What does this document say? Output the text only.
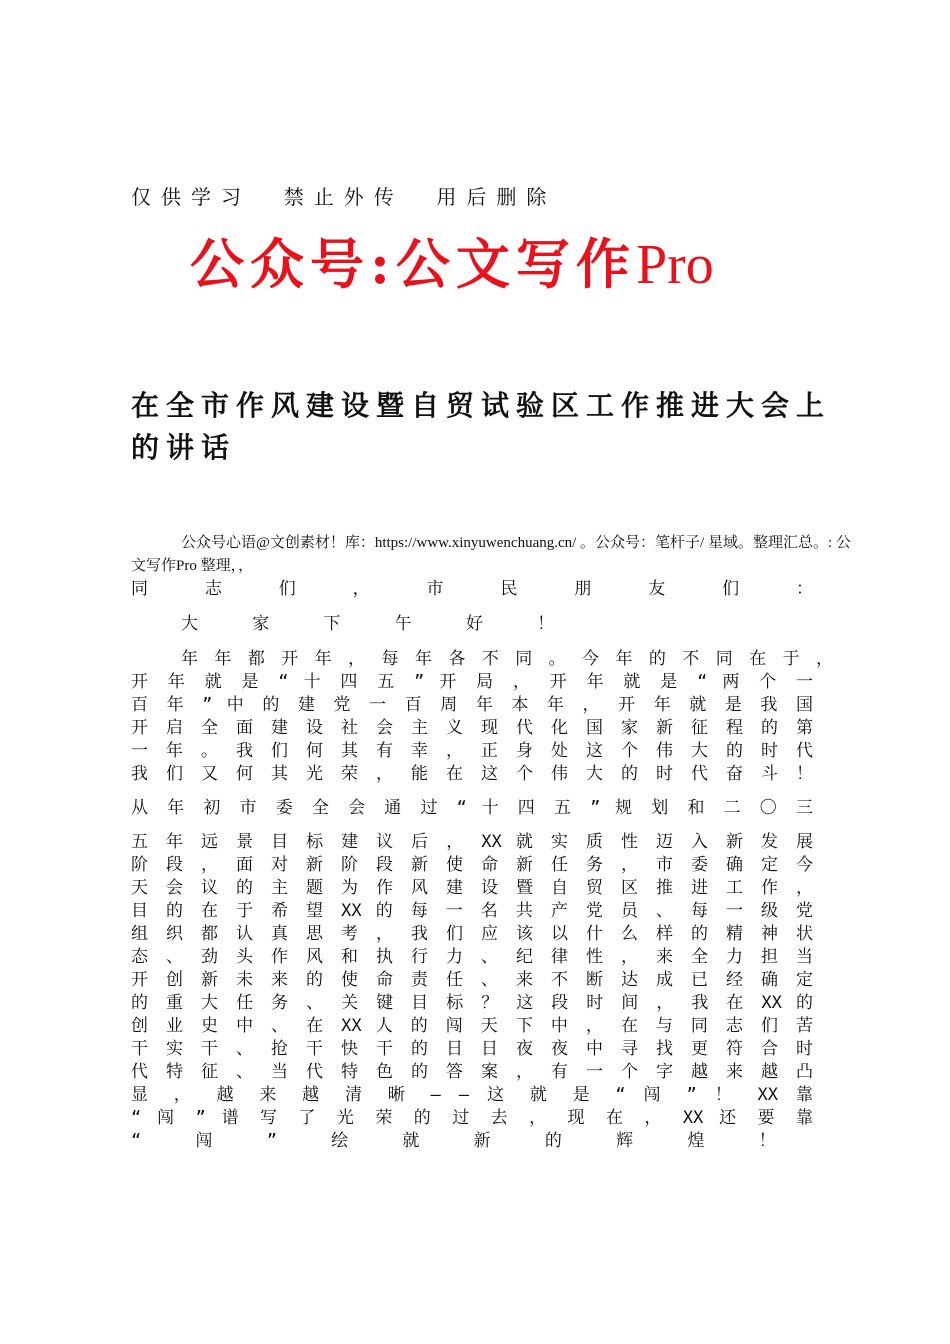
仅供学习  禁止外传  用后删除
公众号:公文写作Pro
在全市作风建设暨自贸试验区工作推进大会上的讲话
公众号心语@文创素材！库：https://www.xinyuwenchuang.cn/ 。公众号：笔杆子/ 星域。整理汇总。: 公文写作Pro 整理，，
同 志 们 ， 市 民 朋 友 们 ：
大 家 下 午 好 ！
年 年 都 开 年 ， 每 年 各 不 同 。 今 年 的 不 同 在 于 ，
开 年 就 是 “ 十 四 五 ” 开 局 ， 开 年 就 是 “ 两 个 一
百 年 ” 中 的 建 党 一 百 周 年 本 年 ， 开 年 就 是 我 国
开 启 全 面 建 设 社 会 主 义 现 代 化 国 家 新 征 程 的 第
一 年 。 我 们 何 其 有 幸 ， 正 身 处 这 个 伟 大 的 时 代
我 们 又 何 其 光 荣 ， 能 在 这 个 伟 大 的 时 代 奋 斗 ！
从 年 初 市 委 全 会 通 过 “ 十 四 五 ” 规 划 和 二 〇 三
五 年 远 景 目 标 建 议 后 ， XX 就 实 质 性 迈 入 新 发 展
阶 段 ， 面 对 新 阶 段 新 使 命 新 任 务 ， 市 委 确 定 今
天 会 议 的 主 题 为 作 风 建 设 暨 自 贸 区 推 进 工 作 ，
目 的 在 于 希 望 XX 的 每 一 名 共 产 党 员 、 每 一 级 党
组 织 都 认 真 思 考 ， 我 们 应 该 以 什 么 样 的 精 神 状
态 、 劲 头 作 风 和 执 行 力 、 纪 律 性 ， 来 全 力 担 当
开 创 新 未 来 的 使 命 责 任 、 来 不 断 达 成 已 经 确 定
的 重 大 任 务 、 关 键 目 标 ？ 这 段 时 间 ， 我 在 XX 的
创 业 史 中 、 在 XX 人 的 闯 天 下 中 ， 在 与 同 志 们 苦
干 实 干 、 抢 干 快 干 的 日 日 夜 夜 中 寻 找 更 符 合 时
代 特 征 、 当 代 特 色 的 答 案 ， 有 一 个 字 越 来 越 凸
显 ， 越 来 越 清 晰 — — 这 就 是 “ 闯 ” ！ XX 靠
“ 闯 ” 谱 写 了 光 荣 的 过 去 ， 现 在 ， XX 还 要 靠
“ 闯 ” 绘 就 新 的 辉 煌 ！
